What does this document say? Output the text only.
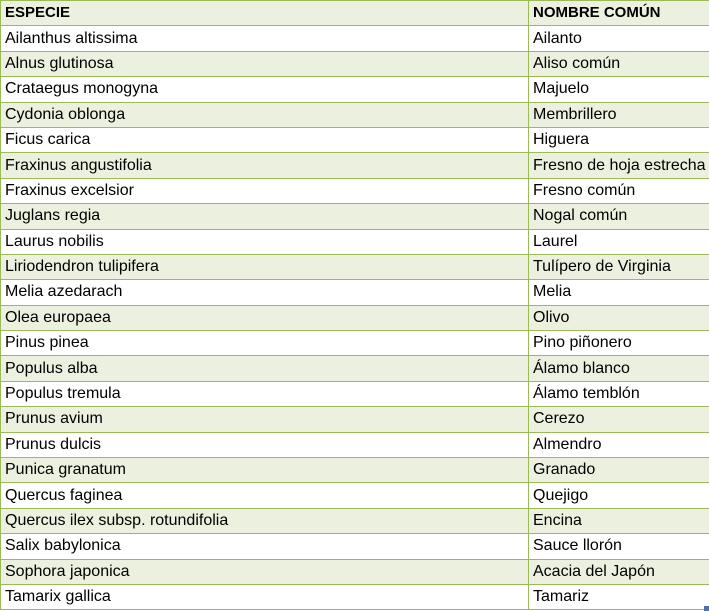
ESPECIE	NOMBRE COMÚN
Ailanthus altissima	Ailanto
Alnus glutinosa	Aliso común
Crataegus monogyna	Majuelo
Cydonia oblonga	Membrillero
Ficus carica	Higuera
Fraxinus angustifolia	Fresno de hoja estrecha
Fraxinus excelsior	Fresno común
Juglans regia	Nogal común
Laurus nobilis	Laurel
Liriodendron tulipifera	Tulípero de Virginia
Melia azedarach	Melia
Olea europaea	Olivo
Pinus pinea	Pino piñonero
Populus alba	Álamo blanco
Populus tremula	Álamo temblón
Prunus avium	Cerezo
Prunus dulcis	Almendro
Punica granatum	Granado
Quercus faginea	Quejigo
Quercus ilex subsp. rotundifolia	Encina
Salix babylonica	Sauce llorón
Sophora japonica	Acacia del Japón
Tamarix gallica	Tamariz
